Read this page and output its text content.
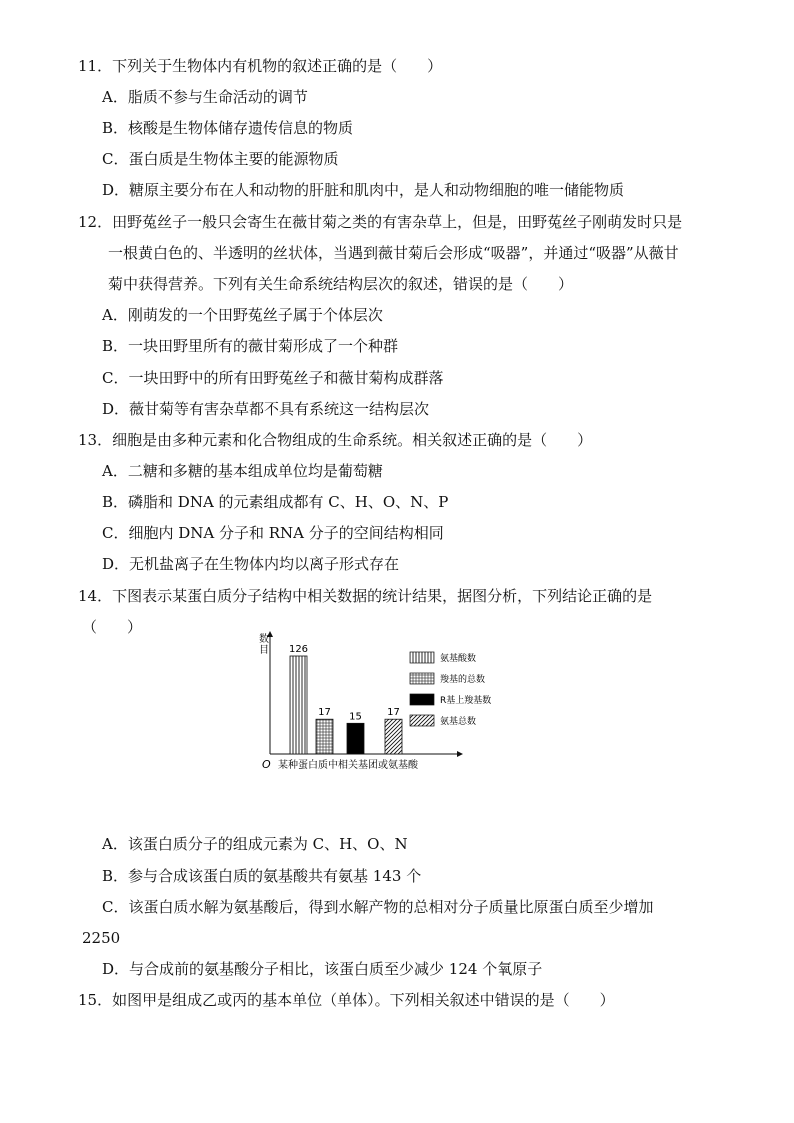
11．下列关于生物体内有机物的叙述正确的是（　　）
A．脂质不参与生命活动的调节
B．核酸是生物体储存遗传信息的物质
C．蛋白质是生物体主要的能源物质
D．糖原主要分布在人和动物的肝脏和肌肉中，是人和动物细胞的唯一储能物质
12．田野菟丝子一般只会寄生在薇甘菊之类的有害杂草上，但是，田野菟丝子刚萌发时只是
一根黄白色的、半透明的丝状体，当遇到薇甘菊后会形成“吸器”，并通过“吸器”从薇甘
菊中获得营养。下列有关生命系统结构层次的叙述，错误的是（　　）
A．刚萌发的一个田野菟丝子属于个体层次
B．一块田野里所有的薇甘菊形成了一个种群
C．一块田野中的所有田野菟丝子和薇甘菊构成群落
D．薇甘菊等有害杂草都不具有系统这一结构层次
13．细胞是由多种元素和化合物组成的生命系统。相关叙述正确的是（　　）
A．二糖和多糖的基本组成单位均是葡萄糖
B．磷脂和 DNA 的元素组成都有 C、H、O、N、P
C．细胞内 DNA 分子和 RNA 分子的空间结构相同
D．无机盐离子在生物体内均以离子形式存在
14．下图表示某蛋白质分子结构中相关数据的统计结果，据图分析，下列结论正确的是
（　　）
数目
O 某种蛋白质中相关基团或氨基酸
126
17 15	17
氨基酸数
羧基的总数
R基上羧基数
氨基总数
A．该蛋白质分子的组成元素为 C、H、O、N
B．参与合成该蛋白质的氨基酸共有氨基 143 个
C．该蛋白质水解为氨基酸后，得到水解产物的总相对分子质量比原蛋白质至少增加
2250
D．与合成前的氨基酸分子相比，该蛋白质至少减少 124 个氧原子
15．如图甲是组成乙或丙的基本单位（单体）。下列相关叙述中错误的是（　　）
